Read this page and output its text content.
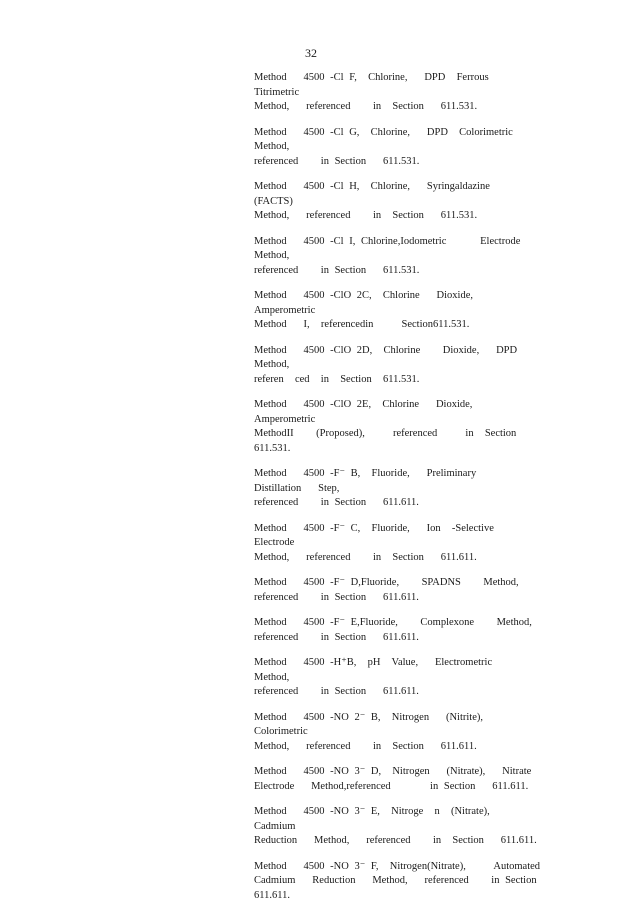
32

Method   4500 -Cl F,  Chlorine,   DPD  Ferrous   Titrimetric
Method,   referenced    in  Section   611.531.

Method   4500 -Cl G,  Chlorine,   DPD  Colorimetric    Method,
referenced    in Section   611.531.

Method   4500 -Cl H,  Chlorine,   Syringaldazine     (FACTS)
Method,   referenced    in  Section   611.531.

Method   4500 -Cl I, Chlorine,Iodometric      Electrode   Method,
referenced    in Section   611.531.

Method   4500 -ClO 2C,  Chlorine   Dioxide,   Amperometric
Method   I,  referencedin     Section611.531.

Method   4500 -ClO 2D,  Chlorine    Dioxide,   DPD  Method,
referen  ced  in  Section  611.531.

Method   4500 -ClO 2E,  Chlorine   Dioxide,   Amperometric
MethodII    (Proposed),     referenced     in  Section   611.531.

Method   4500 -F⁻ B,  Fluoride,   Preliminary    Distillation   Step,
referenced    in Section   611.611.

Method   4500 -F⁻ C,  Fluoride,   Ion  -Selective   Electrode
Method,   referenced    in  Section   611.611.

Method   4500 -F⁻ D,Fluoride,    SPADNS    Method,
referenced    in Section   611.611.

Method   4500 -F⁻ E,Fluoride,    Complexone    Method,
referenced    in Section   611.611.

Method   4500 -H⁺B,  pH  Value,   Electrometric    Method,
referenced    in Section   611.611.

Method   4500 -NO 2⁻ B,  Nitrogen   (Nitrite),   Colorimetric
Method,   referenced    in  Section   611.611.

Method   4500 -NO 3⁻ D,  Nitrogen   (Nitrate),   Nitrate
Electrode   Method,referenced       in Section   611.611.

Method   4500 -NO 3⁻ E,  Nitroge  n  (Nitrate),   Cadmium
Reduction   Method,   referenced    in  Section   611.611.

Method   4500 -NO 3⁻ F,  Nitrogen(Nitrate),     Automated
Cadmium   Reduction   Method,   referenced    in Section
611.611.
